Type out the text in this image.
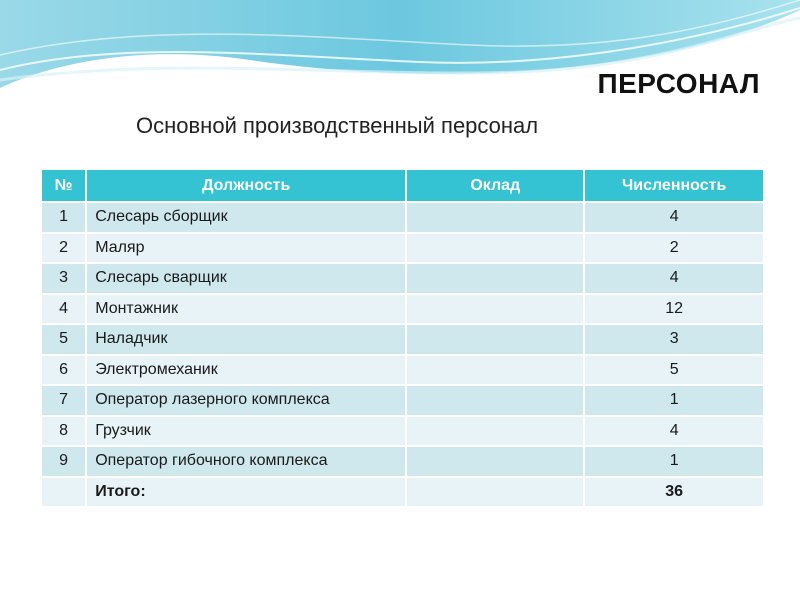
ПЕРСОНАЛ
Основной производственный персонал
№	Должность	Оклад	Численность
1	Слесарь сборщик		4
2	Маляр		2
3	Слесарь сварщик		4
4	Монтажник		12
5	Наладчик		3
6	Электромеханик		5
7	Оператор лазерного комплекса		1
8	Грузчик		4
9	Оператор гибочного комплекса		1
	Итого:		36
